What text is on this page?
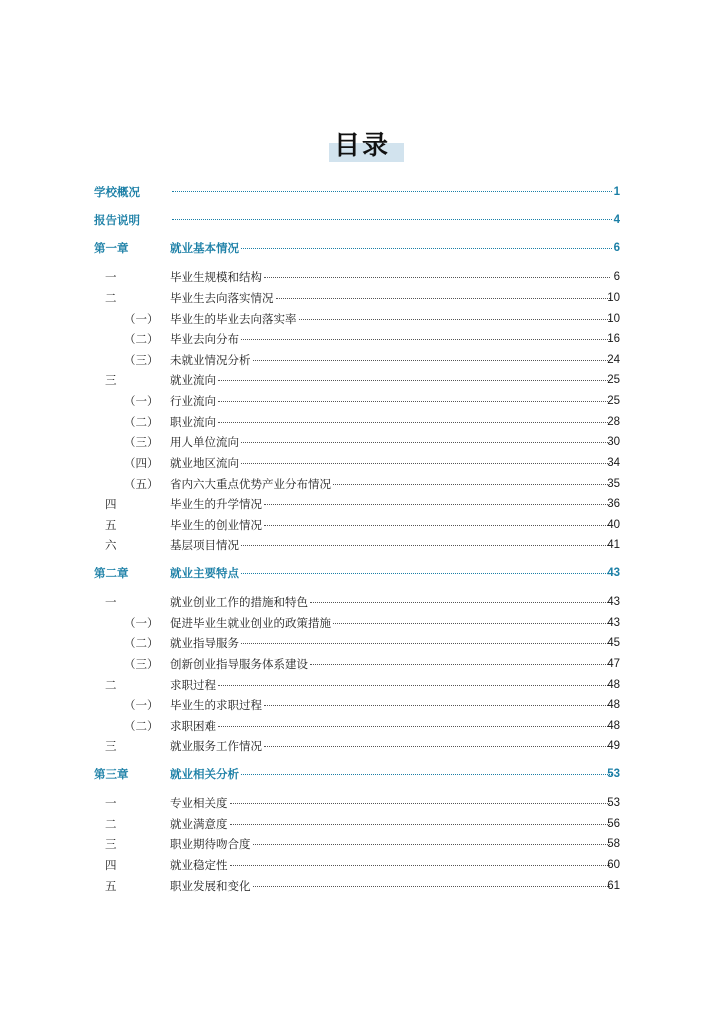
目录
学校概况	1
报告说明	4
第一章	就业基本情况	6
一	毕业生规模和结构	6
二	毕业生去向落实情况	10
（一） 毕业生的毕业去向落实率	10
（二） 毕业去向分布	16
（三） 未就业情况分析	24
三	就业流向	25
（一） 行业流向	25
（二） 职业流向	28
（三） 用人单位流向	30
（四） 就业地区流向	34
（五） 省内六大重点优势产业分布情况	35
四	毕业生的升学情况	36
五	毕业生的创业情况	40
六	基层项目情况	41
第二章	就业主要特点	43
一	就业创业工作的措施和特色	43
（一） 促进毕业生就业创业的政策措施	43
（二） 就业指导服务	45
（三） 创新创业指导服务体系建设	47
二	求职过程	48
（一） 毕业生的求职过程	48
（二） 求职困难	48
三	就业服务工作情况	49
第三章	就业相关分析	53
一	专业相关度	53
二	就业满意度	56
三	职业期待吻合度	58
四	就业稳定性	60
五	职业发展和变化	61
